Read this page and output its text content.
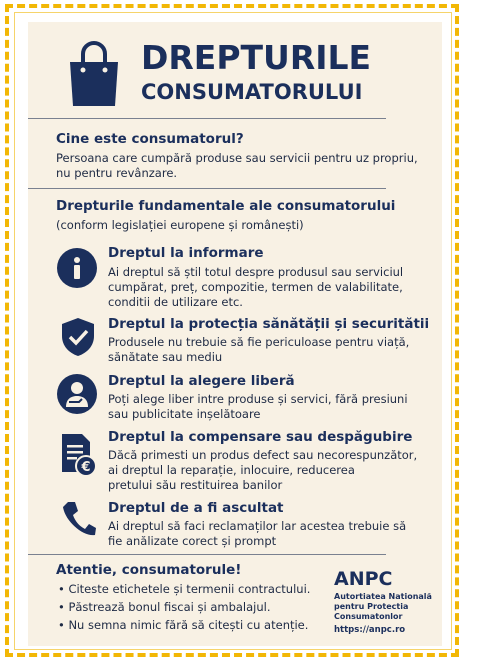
DREPTURILE
CONSUMATORULUI
Cine este consumatorul?
Persoana care cumpără produse sau servicii pentru uz propriu,
nu pentru revânzare.
Drepturile fundamentale ale consumatorului
(conform legislației europene și românești)
Dreptul la informare
Ai dreptul să știl totul despre produsul sau serviciul
cumpărat, preț, compozitie, termen de valabilitate,
conditii de utilizare etc.
Dreptul la protecția sănătății și securitătii
Produsele nu trebuie să fie periculoase pentru viață,
sănătate sau mediu
Dreptul la alegere liberă
Poți alege liber intre produse și servici, fără presiuni
sau publicitate inșelătoare
€
Dreptul la compensare sau despăgubire
Dăcă primesti un produs defect sau necorespunzător,
ai dreptul la reparație, inlocuire, reducerea
pretului său restituirea banilor
Dreptul de a fi ascultat
Ai dreptul să faci reclamaților lar acestea trebuie să
fie anălizate corect și prompt
Atentie, consumatorule!
• Citeste etichetele și termenii contractului.
• Păstrează bonul fiscai și ambalajul.
• Nu semna nimic fără să citești cu atenție.
ANPC
Autortiatea Natională
pentru Protectia
Consumatonlor
https://anpc.ro
